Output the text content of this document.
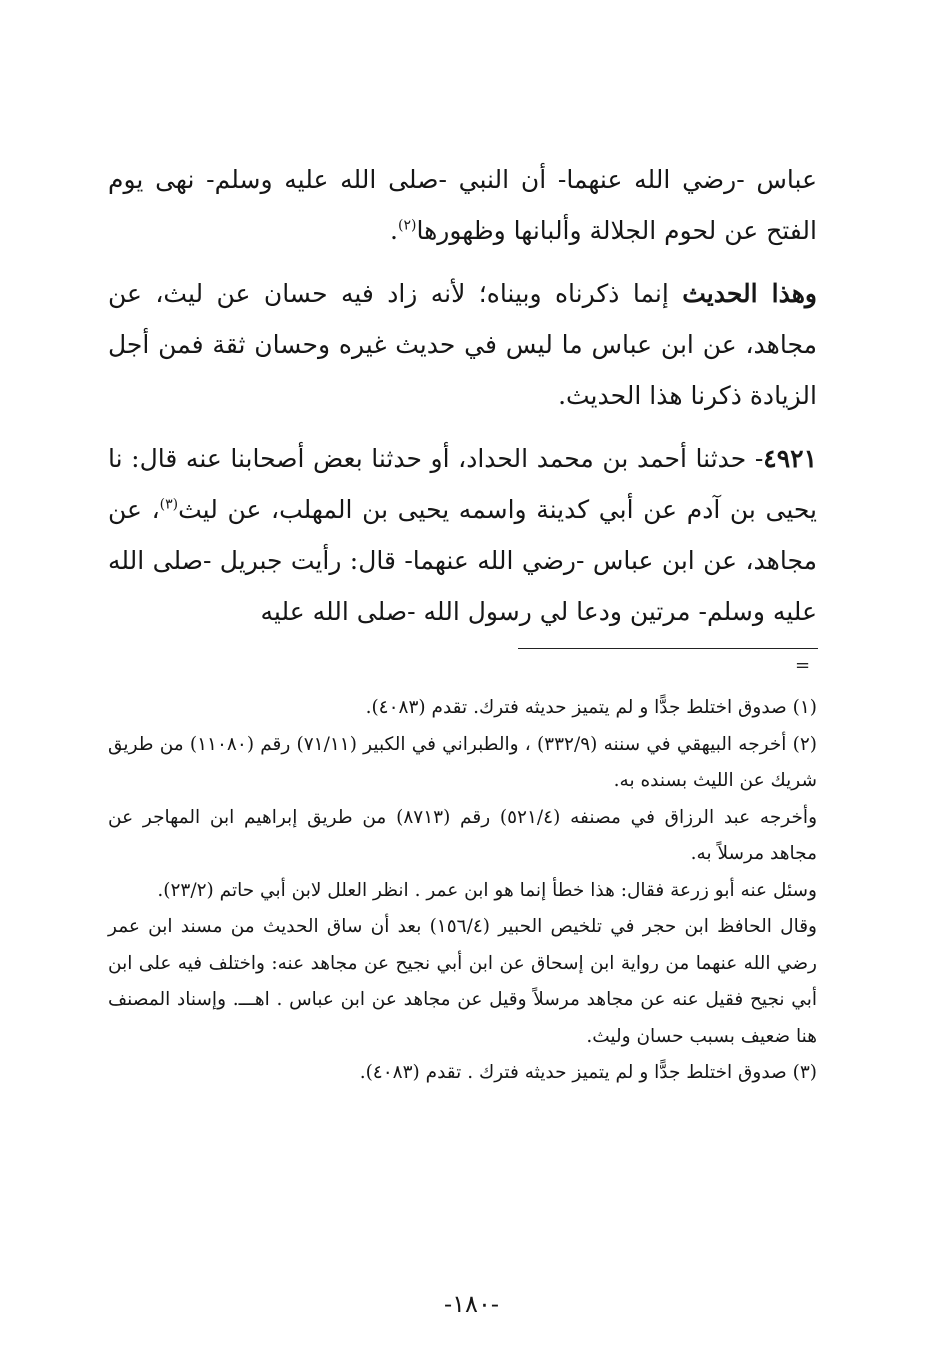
عباس -رضي الله عنهما- أن النبي -صلى الله عليه وسلم- نهى يوم الفتح عن لحوم الجلالة وألبانها وظهورها$^{(٢)}$.

وهذا الحديث إنما ذكرناه وبيناه؛ لأنه زاد فيه حسان عن ليث، عن مجاهد، عن ابن عباس ما ليس في حديث غيره وحسان ثقة فمن أجل الزيادة ذكرنا هذا الحديث.

٤٩٢١- حدثنا أحمد بن محمد الحداد، أو حدثنا بعض أصحابنا عنه قال: نا يحيى بن آدم عن أبي كدينة واسمه يحيى بن المهلب، عن ليث$^{(٣)}$، عن مجاهد، عن ابن عباس -رضي الله عنهما- قال: رأيت جبريل -صلى الله عليه وسلم- مرتين ودعا لي رسول الله -صلى الله عليه

=

(١) صدوق اختلط جدًّا و لم يتميز حديثه فترك. تقدم (٤٠٨٣).

(٢) أخرجه البيهقي في سننه (٣٣٢/٩) ، والطبراني في الكبير (٧١/١١) رقم (١١٠٨٠) من طريق شريك عن الليث بسنده به.

وأخرجه عبد الرزاق في مصنفه (٥٢١/٤) رقم (٨٧١٣) من طريق إبراهيم ابن المهاجر عن مجاهد مرسلاً به.

وسئل عنه أبو زرعة فقال: هذا خطأ إنما هو ابن عمر . انظر العلل لابن أبي حاتم (٢٣/٢).

وقال الحافظ ابن حجر في تلخيص الحبير (١٥٦/٤) بعد أن ساق الحديث من مسند ابن عمر رضي الله عنهما من رواية ابن إسحاق عن ابن أبي نجيح عن مجاهد عنه: واختلف فيه على ابن أبي نجيح فقيل عنه عن مجاهد مرسلاً وقيل عن مجاهد عن ابن عباس . اهـــ. وإسناد المصنف هنا ضعيف بسبب حسان وليث.

(٣) صدوق اختلط جدًّا و لم يتميز حديثه فترك . تقدم (٤٠٨٣).

-١٨٠-
